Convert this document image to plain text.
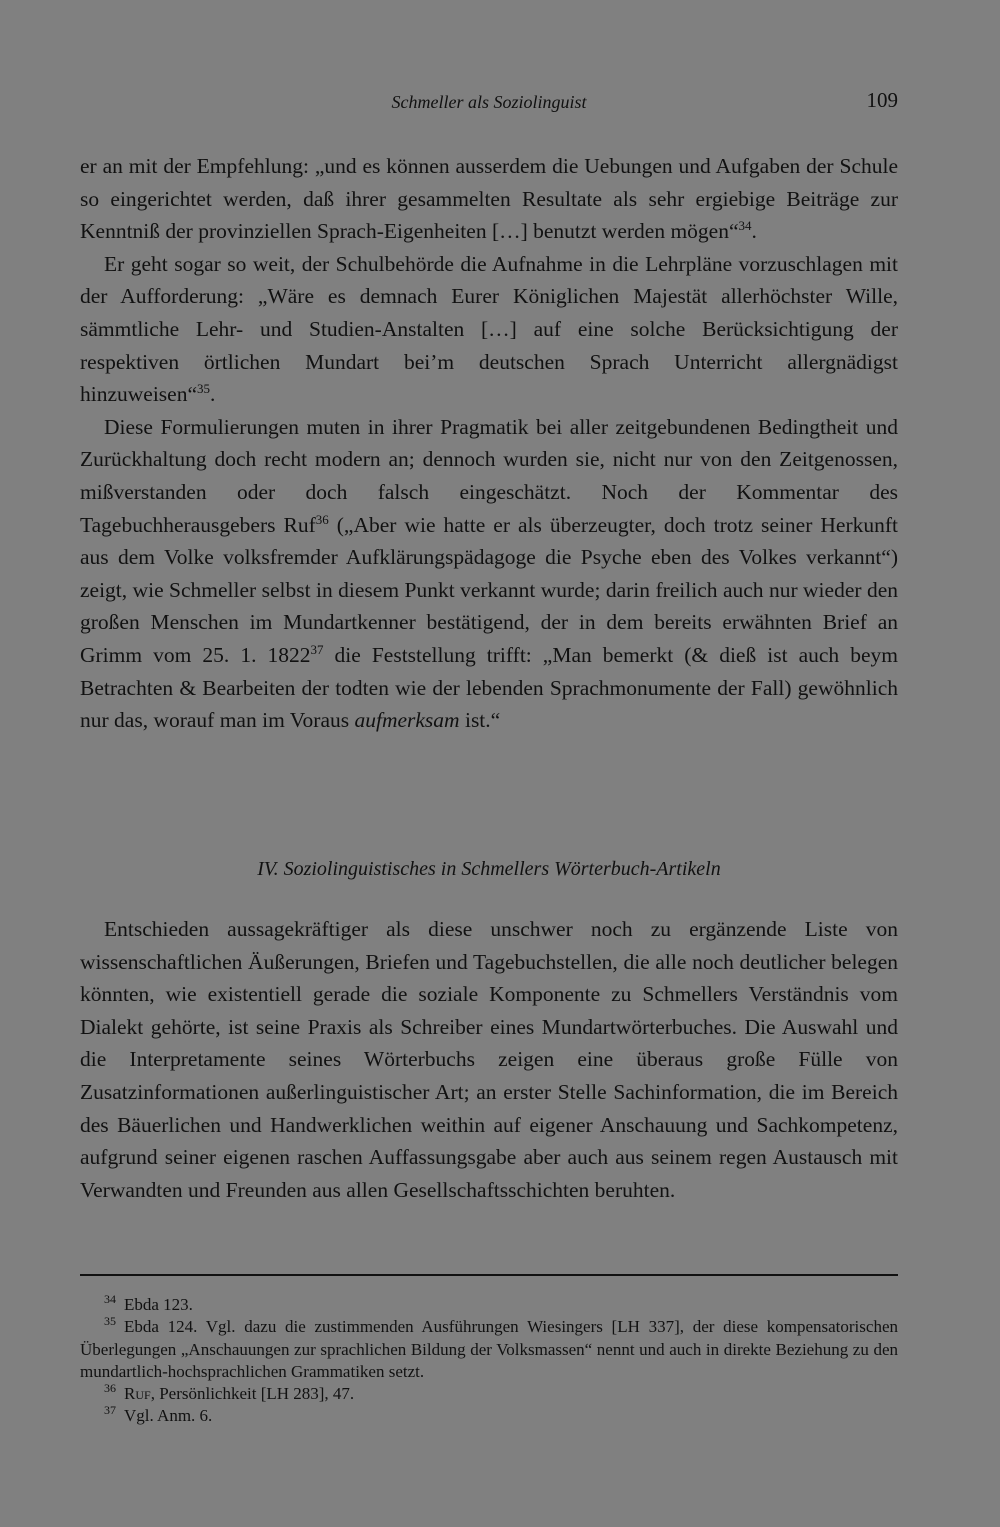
Schmeller als Soziolinguist	109

er an mit der Empfehlung: „und es können ausserdem die Uebungen und Aufgaben der Schule so eingerichtet werden, daß ihrer gesammelten Resultate als sehr ergiebige Beiträge zur Kenntniß der provinziellen Sprach-Eigenheiten […] benutzt werden mögen“$^{34}$.

Er geht sogar so weit, der Schulbehörde die Aufnahme in die Lehrpläne vorzuschlagen mit der Aufforderung: „Wäre es demnach Eurer Königlichen Majestät allerhöchster Wille, sämmtliche Lehr- und Studien-Anstalten […] auf eine solche Berücksichtigung der respektiven örtlichen Mundart bei’m deutschen Sprach Unterricht allergnädigst hinzuweisen“$^{35}$.

Diese Formulierungen muten in ihrer Pragmatik bei aller zeitgebundenen Bedingtheit und Zurückhaltung doch recht modern an; dennoch wurden sie, nicht nur von den Zeitgenossen, mißverstanden oder doch falsch eingeschätzt. Noch der Kommentar des Tagebuchherausgebers Ruf$^{36}$ („Aber wie hatte er als überzeugter, doch trotz seiner Herkunft aus dem Volke volksfremder Aufklärungspädagoge die Psyche eben des Volkes verkannt“) zeigt, wie Schmeller selbst in diesem Punkt verkannt wurde; darin freilich auch nur wieder den großen Menschen im Mundartkenner bestätigend, der in dem bereits erwähnten Brief an Grimm vom 25. 1. 1822$^{37}$ die Feststellung trifft: „Man bemerkt (& dieß ist auch beym Betrachten & Bearbeiten der todten wie der lebenden Sprachmonumente der Fall) gewöhnlich nur das, worauf man im Voraus aufmerksam ist.“

IV. Soziolinguistisches in Schmellers Wörterbuch-Artikeln

Entschieden aussagekräftiger als diese unschwer noch zu ergänzende Liste von wissenschaftlichen Äußerungen, Briefen und Tagebuchstellen, die alle noch deutlicher belegen könnten, wie existentiell gerade die soziale Komponente zu Schmellers Verständnis vom Dialekt gehörte, ist seine Praxis als Schreiber eines Mundartwörterbuches. Die Auswahl und die Interpretamente seines Wörterbuchs zeigen eine überaus große Fülle von Zusatzinformationen außerlinguistischer Art; an erster Stelle Sachinformation, die im Bereich des Bäuerlichen und Handwerklichen weithin auf eigener Anschauung und Sachkompetenz, aufgrund seiner eigenen raschen Auffassungsgabe aber auch aus seinem regen Austausch mit Verwandten und Freunden aus allen Gesellschaftsschichten beruhten.

$^{34}$ Ebda 123.

$^{35}$ Ebda 124. Vgl. dazu die zustimmenden Ausführungen Wiesingers [LH 337], der diese kompensatorischen Überlegungen „Anschauungen zur sprachlichen Bildung der Volksmassen“ nennt und auch in direkte Beziehung zu den mundartlich-hochsprachlichen Grammatiken setzt.

$^{36}$ Ruf, Persönlichkeit [LH 283], 47.

$^{37}$ Vgl. Anm. 6.
